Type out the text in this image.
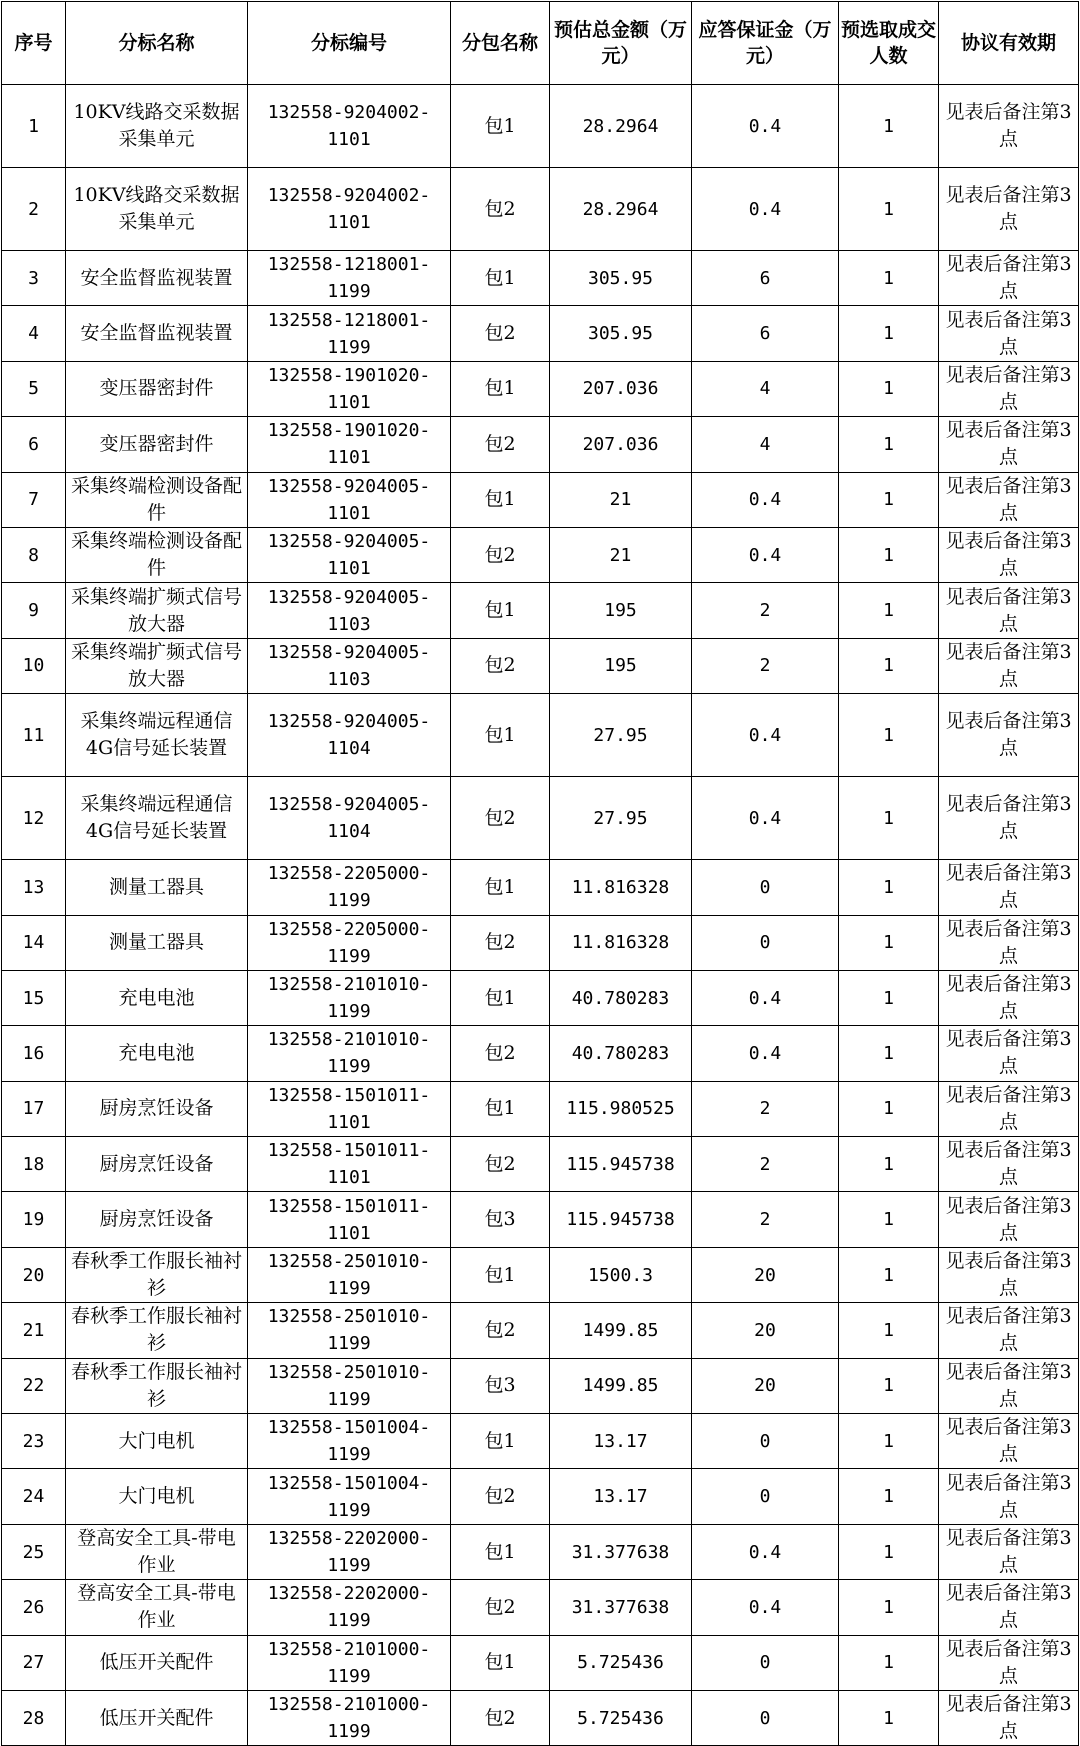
序号	分标名称	分标编号	分包名称	预估总金额（万元）	应答保证金（万元）	预选取成交人数	协议有效期
1	10KV线路交采数据采集单元	132558-9204002-1101	包1	28.2964	0.4	1	见表后备注第3点
2	10KV线路交采数据采集单元	132558-9204002-1101	包2	28.2964	0.4	1	见表后备注第3点
3	安全监督监视装置	132558-1218001-1199	包1	305.95	6	1	见表后备注第3点
4	安全监督监视装置	132558-1218001-1199	包2	305.95	6	1	见表后备注第3点
5	变压器密封件	132558-1901020-1101	包1	207.036	4	1	见表后备注第3点
6	变压器密封件	132558-1901020-1101	包2	207.036	4	1	见表后备注第3点
7	采集终端检测设备配件	132558-9204005-1101	包1	21	0.4	1	见表后备注第3点
8	采集终端检测设备配件	132558-9204005-1101	包2	21	0.4	1	见表后备注第3点
9	采集终端扩频式信号放大器	132558-9204005-1103	包1	195	2	1	见表后备注第3点
10	采集终端扩频式信号放大器	132558-9204005-1103	包2	195	2	1	见表后备注第3点
11	采集终端远程通信4G信号延长装置	132558-9204005-1104	包1	27.95	0.4	1	见表后备注第3点
12	采集终端远程通信4G信号延长装置	132558-9204005-1104	包2	27.95	0.4	1	见表后备注第3点
13	测量工器具	132558-2205000-1199	包1	11.816328	0	1	见表后备注第3点
14	测量工器具	132558-2205000-1199	包2	11.816328	0	1	见表后备注第3点
15	充电电池	132558-2101010-1199	包1	40.780283	0.4	1	见表后备注第3点
16	充电电池	132558-2101010-1199	包2	40.780283	0.4	1	见表后备注第3点
17	厨房烹饪设备	132558-1501011-1101	包1	115.980525	2	1	见表后备注第3点
18	厨房烹饪设备	132558-1501011-1101	包2	115.945738	2	1	见表后备注第3点
19	厨房烹饪设备	132558-1501011-1101	包3	115.945738	2	1	见表后备注第3点
20	春秋季工作服长袖衬衫	132558-2501010-1199	包1	1500.3	20	1	见表后备注第3点
21	春秋季工作服长袖衬衫	132558-2501010-1199	包2	1499.85	20	1	见表后备注第3点
22	春秋季工作服长袖衬衫	132558-2501010-1199	包3	1499.85	20	1	见表后备注第3点
23	大门电机	132558-1501004-1199	包1	13.17	0	1	见表后备注第3点
24	大门电机	132558-1501004-1199	包2	13.17	0	1	见表后备注第3点
25	登高安全工具-带电作业	132558-2202000-1199	包1	31.377638	0.4	1	见表后备注第3点
26	登高安全工具-带电作业	132558-2202000-1199	包2	31.377638	0.4	1	见表后备注第3点
27	低压开关配件	132558-2101000-1199	包1	5.725436	0	1	见表后备注第3点
28	低压开关配件	132558-2101000-1199	包2	5.725436	0	1	见表后备注第3点
